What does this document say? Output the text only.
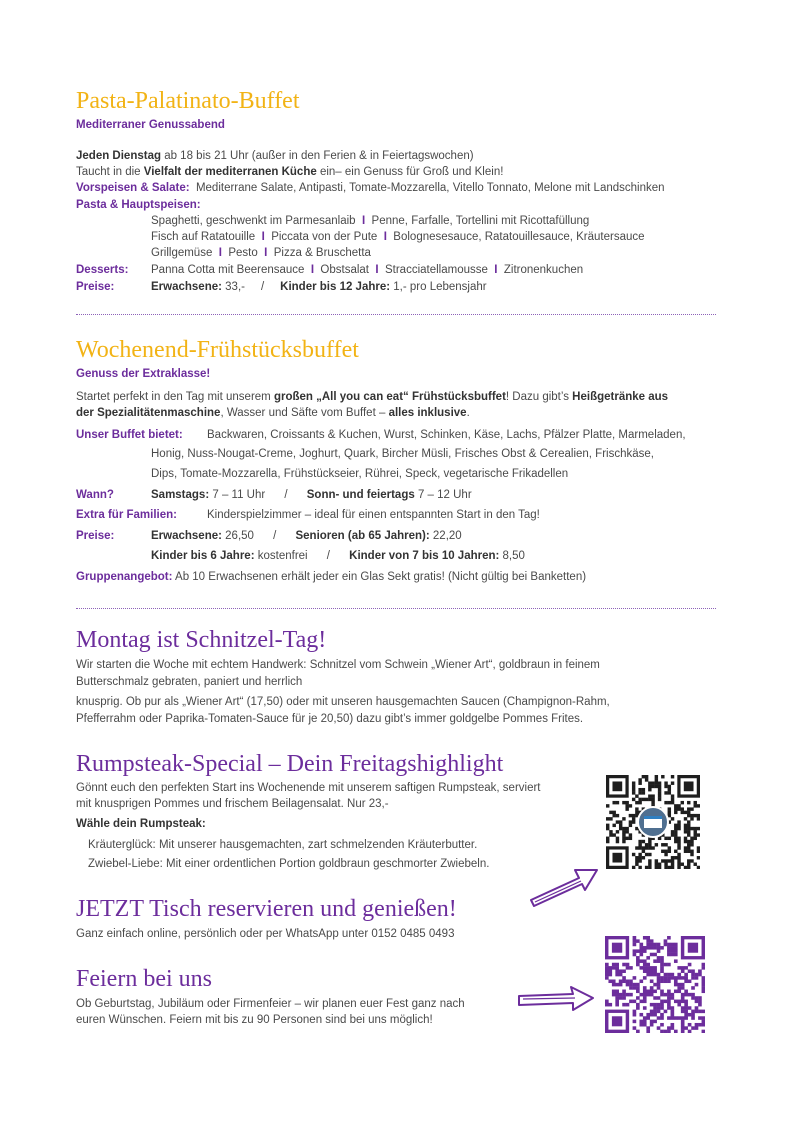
Pasta-Palatinato-Buffet
Mediterraner Genussabend
Jeden Dienstag ab 18 bis 21 Uhr (außer in den Ferien & in Feiertagswochen)
Taucht in die Vielfalt der mediterranen Küche ein– ein Genuss für Groß und Klein!
Vorspeisen & Salate: Mediterrane Salate, Antipasti, Tomate-Mozzarella, Vitello Tonnato, Melone mit Landschinken
Pasta & Hauptspeisen:
Spaghetti, geschwenkt im Parmesanlaib I Penne, Farfalle, Tortellini mit Ricottafüllung
Fisch auf Ratatouille I Piccata von der Pute I Bolognesesauce, Ratatouillesauce, Kräutersauce
Grillgemüse I Pesto I Pizza & Bruschetta
Desserts: Panna Cotta mit Beerensauce I Obstsalat I Stracciatellamousse I Zitronenkuchen
Preise:	Erwachsene: 33,- / Kinder bis 12 Jahre: 1,- pro Lebensjahr
Wochenend-Frühstücksbuffet
Genuss der Extraklasse!
Startet perfekt in den Tag mit unserem großen „All you can eat“ Frühstücksbuffet! Dazu gibt’s Heißgetränke aus
der Spezialitätenmaschine, Wasser und Säfte vom Buffet – alles inklusive.
Unser Buffet bietet: Backwaren, Croissants & Kuchen, Wurst, Schinken, Käse, Lachs, Pfälzer Platte, Marmeladen,
Honig, Nuss-Nougat-Creme, Joghurt, Quark, Bircher Müsli, Frisches Obst & Cerealien, Frischkäse,
Dips, Tomate-Mozzarella, Frühstückseier, Rührei, Speck, vegetarische Frikadellen
Wann?	Samstags: 7 – 11 Uhr / Sonn- und feiertags 7 – 12 Uhr
Extra für Familien:	Kinderspielzimmer – ideal für einen entspannten Start in den Tag!
Preise:	Erwachsene: 26,50 / Senioren (ab 65 Jahren): 22,20
Kinder bis 6 Jahre: kostenfrei / Kinder von 7 bis 10 Jahren: 8,50
Gruppenangebot: Ab 10 Erwachsenen erhält jeder ein Glas Sekt gratis! (Nicht gültig bei Banketten)
Montag ist Schnitzel-Tag!
Wir starten die Woche mit echtem Handwerk: Schnitzel vom Schwein „Wiener Art“, goldbraun in feinem
Butterschmalz gebraten, paniert und herrlich
knusprig. Ob pur als „Wiener Art“ (17,50) oder mit unseren hausgemachten Saucen (Champignon-Rahm,
Pfefferrahm oder Paprika-Tomaten-Sauce für je 20,50) dazu gibt’s immer goldgelbe Pommes Frites.
Rumpsteak-Special – Dein Freitagshighlight
Gönnt euch den perfekten Start ins Wochenende mit unserem saftigen Rumpsteak, serviert
mit knusprigen Pommes und frischem Beilagensalat. Nur 23,-
Wähle dein Rumpsteak:
Kräuterglück: Mit unserer hausgemachten, zart schmelzenden Kräuterbutter.
Zwiebel-Liebe: Mit einer ordentlichen Portion goldbraun geschmorter Zwiebeln.
JETZT Tisch reservieren und genießen!
Ganz einfach online, persönlich oder per WhatsApp unter 0152 0485 0493
Feiern bei uns
Ob Geburtstag, Jubiläum oder Firmenfeier – wir planen euer Fest ganz nach
euren Wünschen. Feiern mit bis zu 90 Personen sind bei uns möglich!
